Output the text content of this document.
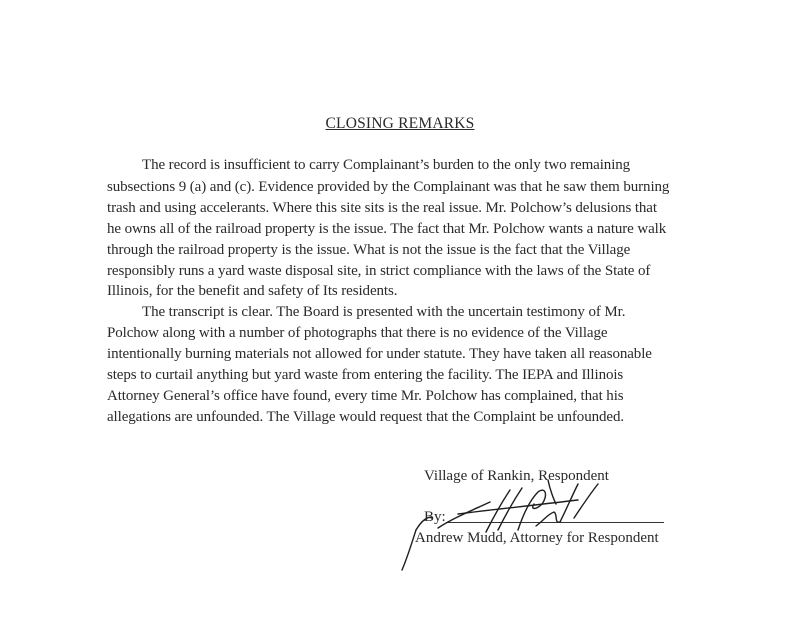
CLOSING REMARKS
The record is insufficient to carry Complainant’s burden to the only two remaining
subsections 9 (a) and (c). Evidence provided by the Complainant was that he saw them burning
trash and using accelerants. Where this site sits is the real issue. Mr. Polchow’s delusions that
he owns all of the railroad property is the issue. The fact that Mr. Polchow wants a nature walk
through the railroad property is the issue. What is not the issue is the fact that the Village
responsibly runs a yard waste disposal site, in strict compliance with the laws of the State of
Illinois, for the benefit and safety of Its residents.
The transcript is clear. The Board is presented with the uncertain testimony of Mr.
Polchow along with a number of photographs that there is no evidence of the Village
intentionally burning materials not allowed for under statute. They have taken all reasonable
steps to curtail anything but yard waste from entering the facility. The IEPA and Illinois
Attorney General’s office have found, every time Mr. Polchow has complained, that his
allegations are unfounded. The Village would request that the Complaint be unfounded.
Village of Rankin, Respondent
By:
Andrew Mudd, Attorney for Respondent
